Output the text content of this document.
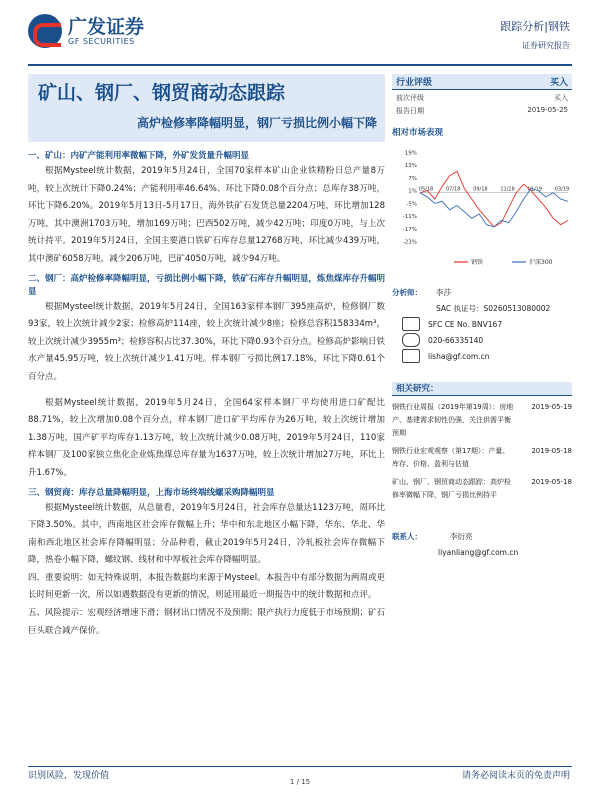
广发证券
GF SECURITIES
跟踪分析|钢铁
证券研究报告
矿山、钢厂、钢贸商动态跟踪
高炉检修率降幅明显，钢厂亏损比例小幅下降
一、矿山：内矿产能利用率微幅下降，外矿发货量升幅明显

根据Mysteel统计数据，2019年5月24日，全国70家样本矿山企业铁精粉日总产量8万吨，较上次统计下降0.24%；产能利用率46.64%、环比下降0.08个百分点；总库存38万吨，环比下降6.20%。2019年5月13日-5月17日，海外铁矿石发货总量2204万吨，环比增加128万吨，其中澳洲1703万吨，增加169万吨；巴西502万吨，减少42万吨；印度0万吨，与上次统计持平。2019年5月24日，全国主要港口铁矿石库存总量12768万吨，环比减少439万吨，其中澳矿6058万吨，减少206万吨，巴矿4050万吨，减少94万吨。

二、钢厂：高炉检修率降幅明显，亏损比例小幅下降，铁矿石库存升幅明显，炼焦煤库存升幅明显

根据Mysteel统计数据，2019年5月24日，全国163家样本钢厂395座高炉，检修钢厂数93家，较上次统计减少2家；检修高炉114座，较上次统计减少8座；检修总容积158334m³，较上次统计减少3955m³；检修容积占比37.30%，环比下降0.93个百分点。检修高炉影响日铁水产量45.95万吨，较上次统计减少1.41万吨。样本钢厂亏损比例17.18%，环比下降0.61个百分点。

根据Mysteel统计数据，2019年5月24日，全国64家样本钢厂平均使用进口矿配比88.71%，较上次增加0.08个百分点，样本钢厂进口矿平均库存为26万吨，较上次统计增加1.38万吨，国产矿平均库存1.13万吨，较上次统计减少0.08万吨，2019年5月24日，110家样本钢厂及100家独立焦化企业炼焦煤总库存量为1637万吨，较上次统计增加27万吨，环比上升1.67%。

三、钢贸商：库存总量降幅明显，上海市场终端线螺采购降幅明显

根据Mysteel统计数据，从总量看，2019年5月24日，社会库存总量达1123万吨，周环比下降3.50%。其中，西南地区社会库存微幅上升；华中和东北地区小幅下降，华东、华北、华南和西北地区社会库存降幅明显；分品种看，截止2019年5月24日，冷轧板社会库存微幅下降，热卷小幅下降，螺纹钢、线材和中厚板社会库存降幅明显。

四、重要说明：如无特殊说明，本报告数据均来源于Mysteel。本报告中有部分数据为两周或更长时间更新一次，所以如遇数据没有更新的情况，则延用最近一期报告中的统计数据和点评。

五、风险提示：宏观经济增速下滑；钢材出口情况不及预期；限产执行力度低于市场预期；矿石巨头联合减产保价。

行业评级	买入
前次评级	买入
报告日期	2019-05-25
相对市场表现
19%
13%
7%
1%
-5%
-11%
-17%
-23%
05/18	07/18	09/18	11/18	01/19	03/19
钢铁	沪深300
分析师：	李莎
SAC 执证号：S0260513080002
SFC CE No. BNV167
020-66335140
lisha@gf.com.cn
相关研究：
钢铁行业周报（2019年第19周）：房地产、基建需求韧性仍强，关注供需平衡预期
2019-05-19
钢铁行业宏观观察（第17期）：产量、库存、价格、盈利与估值
2019-05-18
矿山、钢厂、钢贸商动态跟踪：高炉检修率微幅下降，钢厂亏损比例持平
2019-05-18
联系人：	李衍亮
liyanliang@gf.com.cn
识别风险，发现价值	请务必阅读末页的免责声明
1 / 15
